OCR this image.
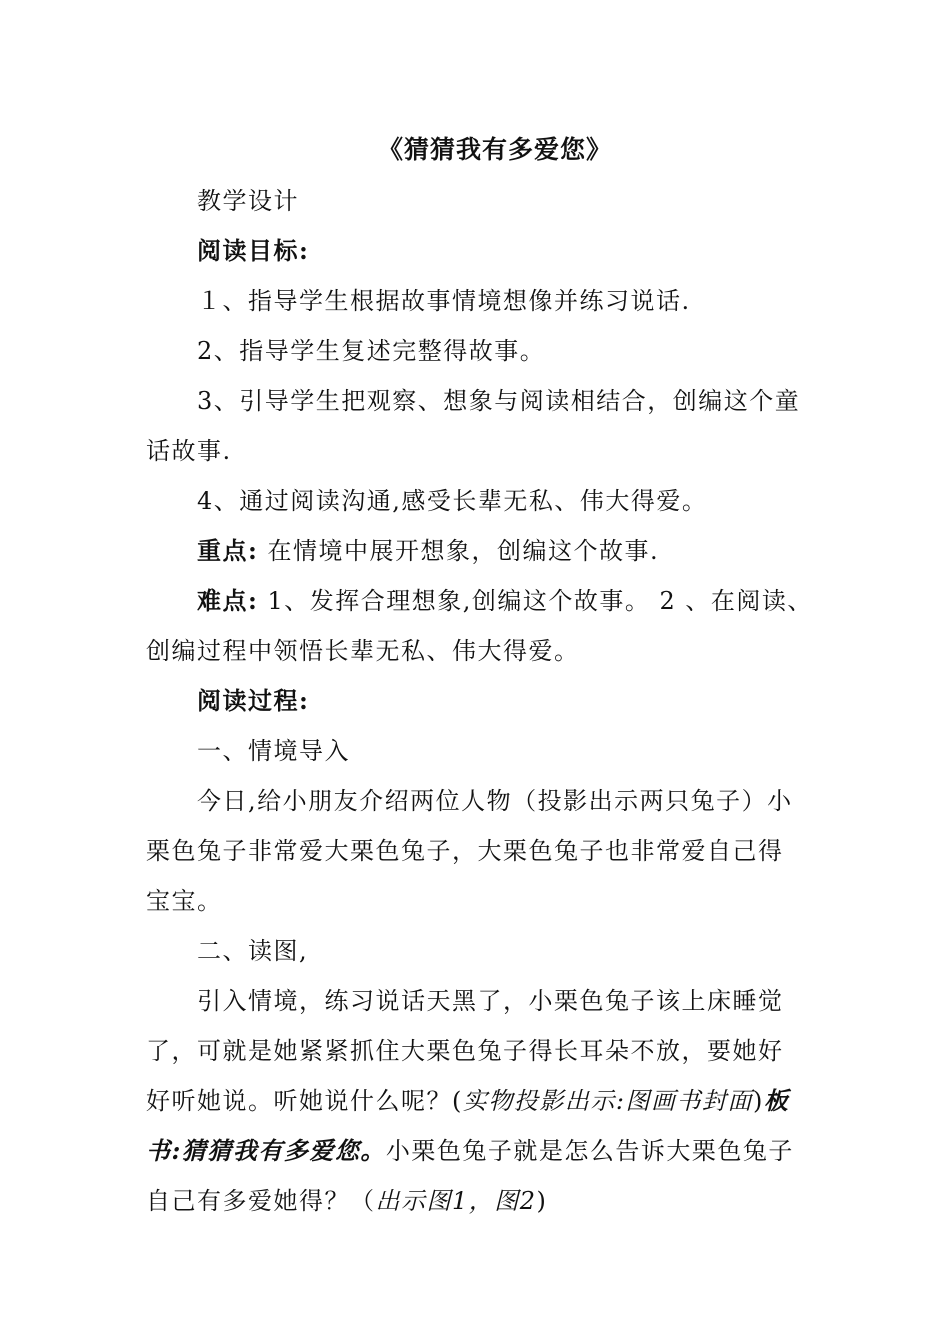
《猜猜我有多爱您》
教学设计
阅读目标:
１、指导学生根据故事情境想像并练习说话.
2、指导学生复述完整得故事。
3、引导学生把观察、想象与阅读相结合，创编这个童
话故事.
4、通过阅读沟通,感受长辈无私、伟大得爱。
重点: 在情境中展开想象，创编这个故事.
难点: 1、发挥合理想象,创编这个故事。 2 、在阅读、
创编过程中领悟长辈无私、伟大得爱。
阅读过程:
一、情境导入
今日,给小朋友介绍两位人物（投影出示两只兔子）小
栗色兔子非常爱大栗色兔子，大栗色兔子也非常爱自己得
宝宝。
二、读图,
引入情境，练习说话天黑了，小栗色兔子该上床睡觉
了，可就是她紧紧抓住大栗色兔子得长耳朵不放，要她好
好听她说。听她说什么呢？(实物投影出示:图画书封面)板
书:猜猜我有多爱您。小栗色兔子就是怎么告诉大栗色兔子
自己有多爱她得？（出示图1，图2)
